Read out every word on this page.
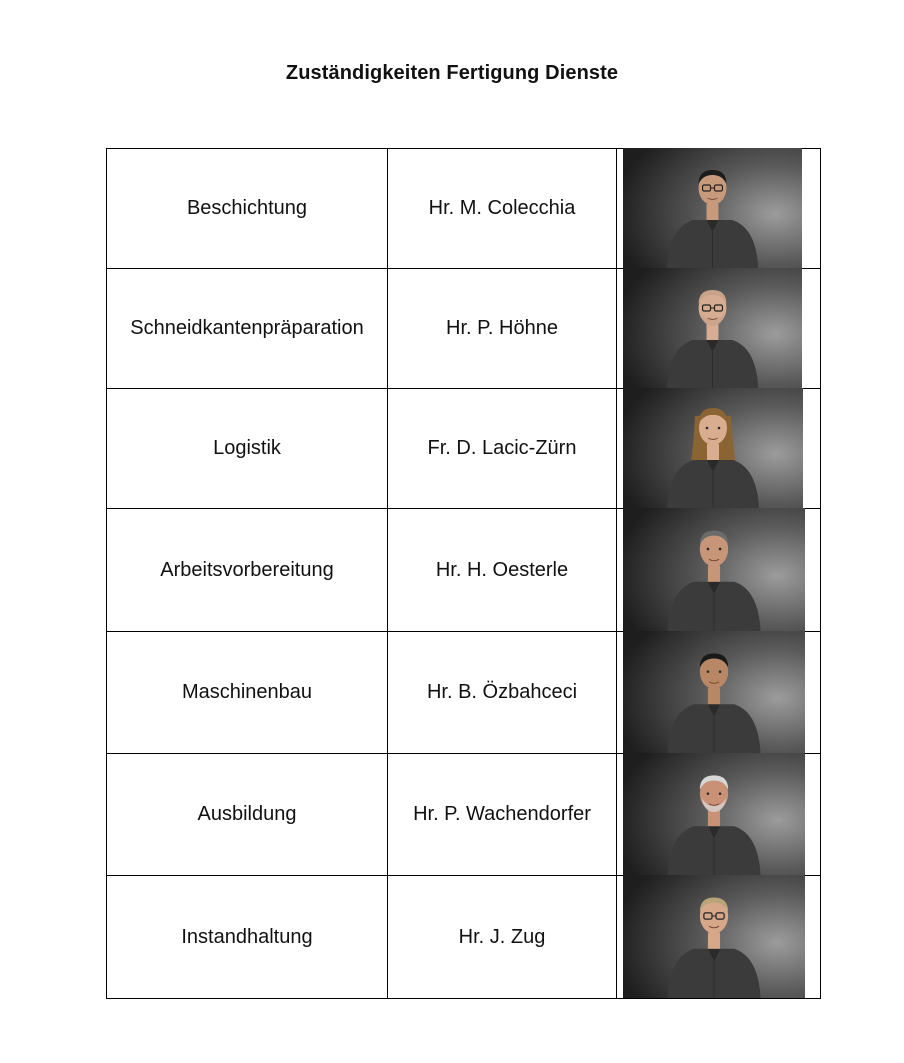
Zuständigkeiten Fertigung Dienste
Beschichtung	Hr. M. Colecchia
Schneidkantenpräparation	Hr. P. Höhne
Logistik	Fr. D. Lacic-Zürn
Arbeitsvorbereitung	Hr. H. Oesterle
Maschinenbau	Hr. B. Özbahceci
Ausbildung	Hr. P. Wachendorfer
Instandhaltung	Hr. J. Zug
